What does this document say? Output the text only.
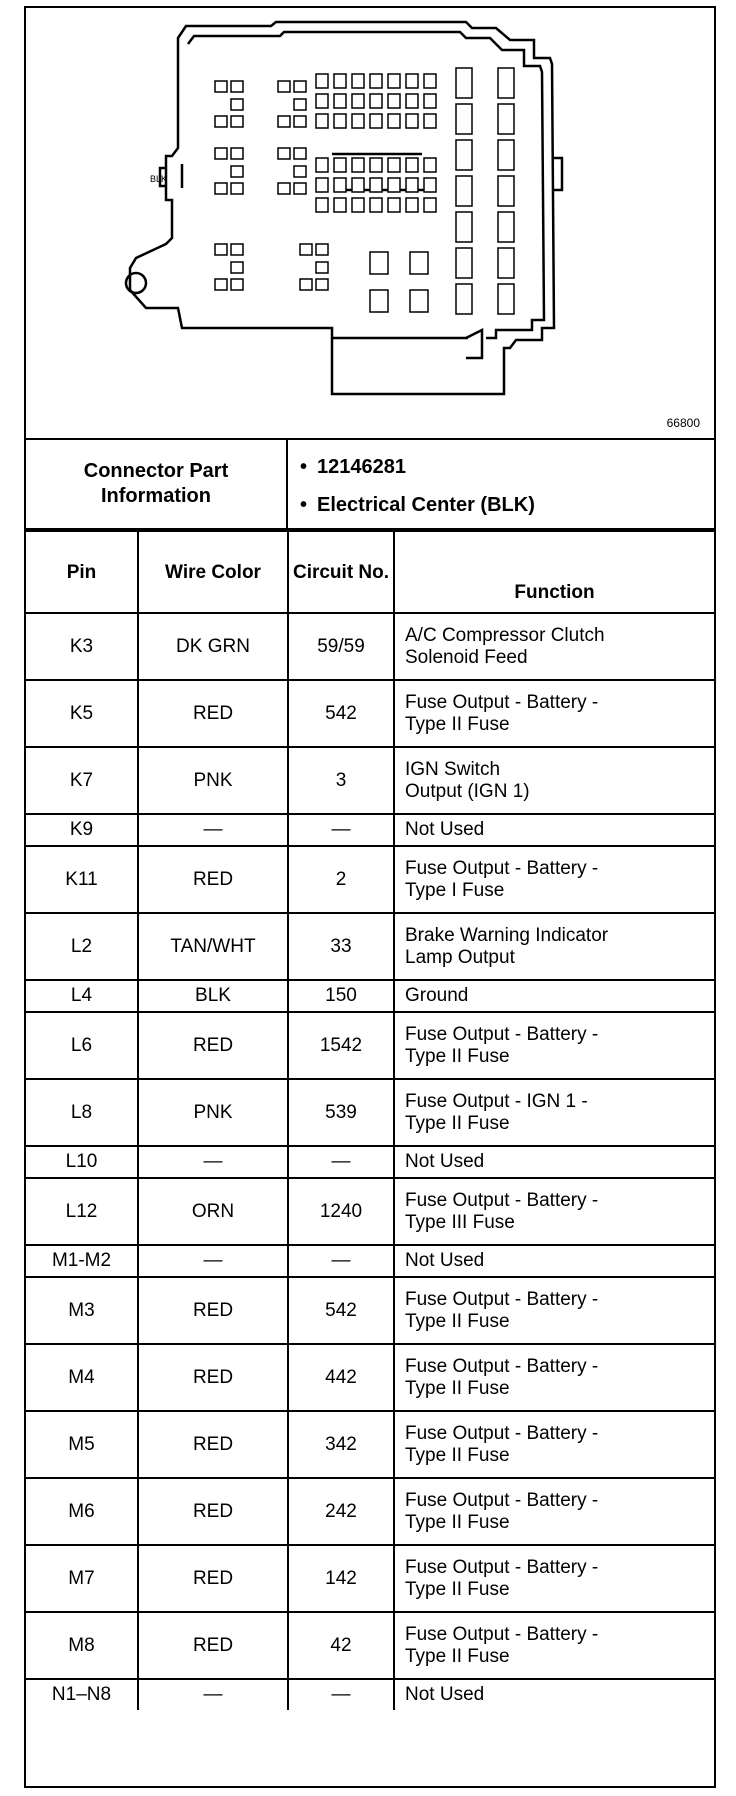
BLK
66800
Connector Part Information
• 12146281
• Electrical Center (BLK)
Pin	Wire Color	Circuit No.	Function
K3	DK GRN	59/59	A/C Compressor Clutch
Solenoid Feed

K5	RED	542	Fuse Output - Battery -
Type II Fuse

K7	PNK	3	IGN Switch
Output (IGN 1)

K9	—	—	Not Used

K11	RED	2	Fuse Output - Battery -
Type I Fuse

L2	TAN/WHT	33	Brake Warning Indicator
Lamp Output

L4	BLK	150	Ground

L6	RED	1542	Fuse Output - Battery -
Type II Fuse

L8	PNK	539	Fuse Output - IGN 1 -
Type II Fuse

L10	—	—	Not Used

L12	ORN	1240	Fuse Output - Battery -
Type III Fuse

M1-M2	—	—	Not Used

M3	RED	542	Fuse Output - Battery -
Type II Fuse

M4	RED	442	Fuse Output - Battery -
Type II Fuse

M5	RED	342	Fuse Output - Battery -
Type II Fuse

M6	RED	242	Fuse Output - Battery -
Type II Fuse

M7	RED	142	Fuse Output - Battery -
Type II Fuse

M8	RED	42	Fuse Output - Battery -
Type II Fuse

N1–N8	—	—	Not Used
